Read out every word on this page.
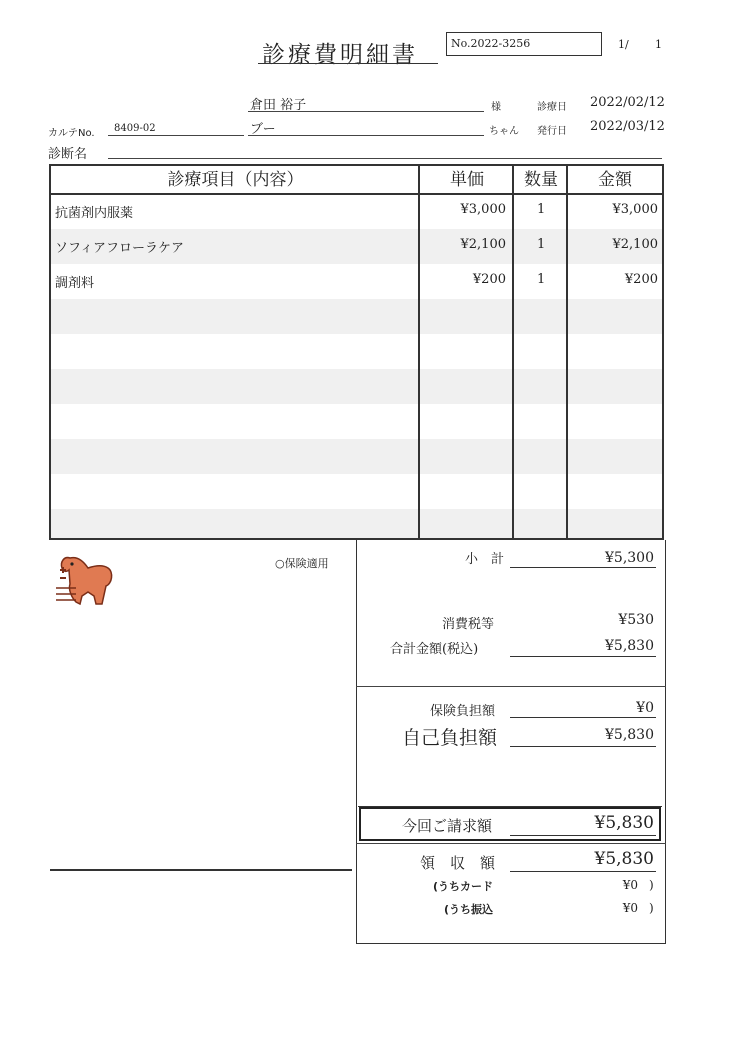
診療費明細書	No.2022-3256	1/ 1
倉田 裕子	様	診療日 2022/02/12
カルテNo. 8409-02	ブー	ちゃん 発行日 2022/03/12
診断名
診療項目（内容）	単価	数量	金額
抗菌剤内服薬	¥3,000 1	¥3,000
ソフィアフローラケア	¥2,100 1	¥2,100
調剤料	¥200 1	¥200
○保険適用	小　計	¥5,300
消費税等	¥530
合計金額(税込)	¥5,830
保険負担額	¥0
自己負担額	¥5,830
今回ご請求額	¥5,830
領　収　額	¥5,830
(うちカード	¥0 )
(うち振込	¥0 )
